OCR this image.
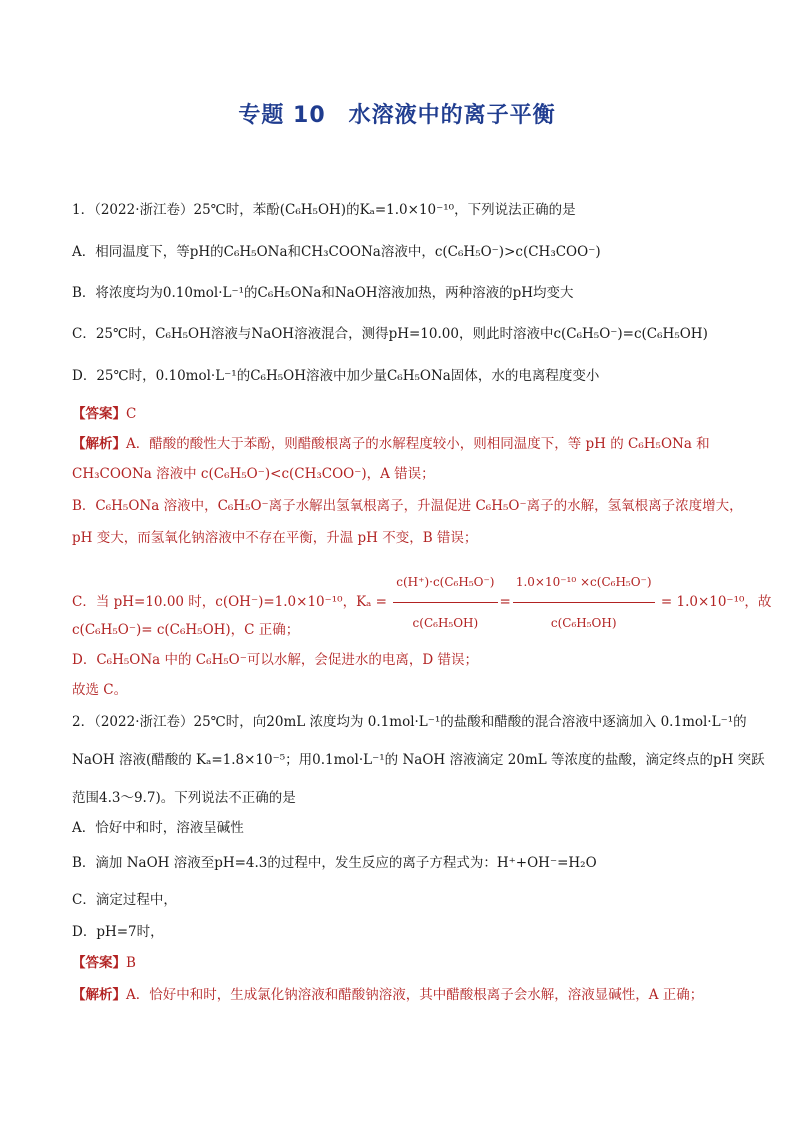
专题 10　水溶液中的离子平衡
1．（2022·浙江卷）25℃时，苯酚(C₆H₅OH)的Kₐ=1.0×10⁻¹⁰，下列说法正确的是
A．相同温度下，等pH的C₆H₅ONa和CH₃COONa溶液中，c(C₆H₅O⁻)>c(CH₃COO⁻)
B．将浓度均为0.10mol·L⁻¹的C₆H₅ONa和NaOH溶液加热，两种溶液的pH均变大
C．25℃时，C₆H₅OH溶液与NaOH溶液混合，测得pH=10.00，则此时溶液中c(C₆H₅O⁻)=c(C₆H₅OH)
D．25℃时，0.10mol·L⁻¹的C₆H₅OH溶液中加少量C₆H₅ONa固体，水的电离程度变小
【答案】C
【解析】A．醋酸的酸性大于苯酚，则醋酸根离子的水解程度较小，则相同温度下，等 pH 的 C₆H₅ONa 和
CH₃COONa 溶液中 c(C₆H₅O⁻)<c(CH₃COO⁻)，A 错误；
B．C₆H₅ONa 溶液中，C₆H₅O⁻离子水解出氢氧根离子，升温促进 C₆H₅O⁻离子的水解，氢氧根离子浓度增大，
pH 变大，而氢氧化钠溶液中不存在平衡，升温 pH 不变，B 错误；
C．当 pH=10.00 时，c(OH⁻)=1.0×10⁻¹⁰，$K_a = \frac{\text{c(H⁺)·c(C₆H₅O⁻)}}{\text{c(C₆H₅OH)}} = \frac{\text{1.0×10⁻¹⁰ ×c(C₆H₅O⁻)}}{\text{c(C₆H₅OH)}} = 1.0\times 10^{-10}$，故
c(C₆H₅O⁻)= c(C₆H₅OH)，C 正确；
D．C₆H₅ONa 中的 C₆H₅O⁻可以水解，会促进水的电离，D 错误；
故选 C。
2．（2022·浙江卷）25℃时，向20mL 浓度均为 0.1mol·L⁻¹的盐酸和醋酸的混合溶液中逐滴加入 0.1mol·L⁻¹的
NaOH 溶液(醋酸的 Kₐ=1.8×10⁻⁵；用0.1mol·L⁻¹的 NaOH 溶液滴定 20mL 等浓度的盐酸，滴定终点的pH 突跃
范围4.3～9.7)。下列说法不正确的是
A．恰好中和时，溶液呈碱性
B．滴加 NaOH 溶液至pH=4.3的过程中，发生反应的离子方程式为：H⁺+OH⁻=H₂O
C．滴定过程中，
D．pH=7时，
【答案】B
【解析】A．恰好中和时，生成氯化钠溶液和醋酸钠溶液，其中醋酸根离子会水解，溶液显碱性，A 正确；
